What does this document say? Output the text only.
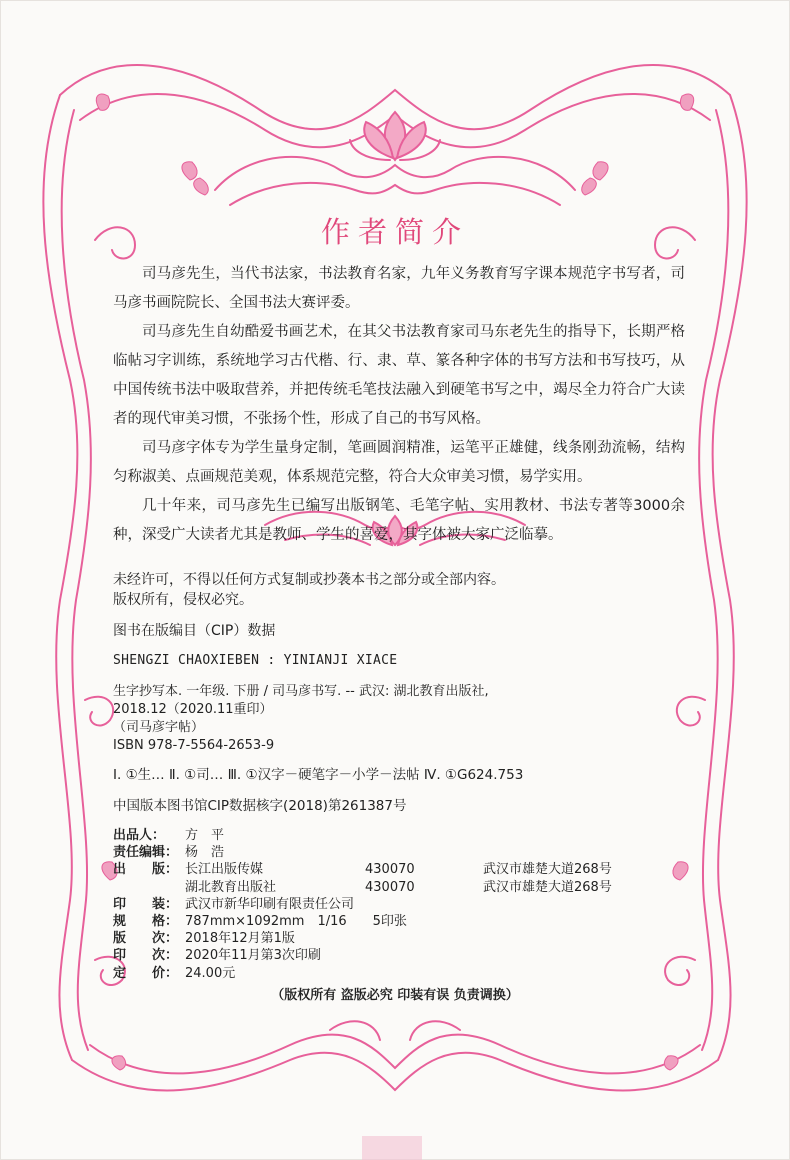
作者简介

司马彦先生，当代书法家，书法教育名家，九年义务教育写字课本规范字书写者，司马彦书画院院长、全国书法大赛评委。

司马彦先生自幼酷爱书画艺术，在其父书法教育家司马东老先生的指导下，长期严格临帖习字训练，系统地学习古代楷、行、隶、草、篆各种字体的书写方法和书写技巧，从中国传统书法中吸取营养，并把传统毛笔技法融入到硬笔书写之中，竭尽全力符合广大读者的现代审美习惯，不张扬个性，形成了自己的书写风格。

司马彦字体专为学生量身定制，笔画圆润精准，运笔平正雄健，线条刚劲流畅，结构匀称淑美、点画规范美观，体系规范完整，符合大众审美习惯，易学实用。

几十年来，司马彦先生已编写出版钢笔、毛笔字帖、实用教材、书法专著等3000余种，深受广大读者尤其是教师、学生的喜爱，其字体被大家广泛临摹。

未经许可，不得以任何方式复制或抄袭本书之部分或全部内容。
版权所有，侵权必究。
图书在版编目（CIP）数据
SHENGZI CHAOXIEBEN : YINIANJI XIACE
生字抄写本. 一年级. 下册 / 司马彦书写. -- 武汉: 湖北教育出版社,
2018.12（2020.11重印）
（司马彦字帖）
ISBN 978-7-5564-2653-9
Ⅰ. ①生… Ⅱ. ①司… Ⅲ. ①汉字－硬笔字－小学－法帖 Ⅳ. ①G624.753
中国版本图书馆CIP数据核字(2018)第261387号
出品人：	方　平
责任编辑： 杨　浩
出　　版： 长江出版传媒	430070	武汉市雄楚大道268号
湖北教育出版社	430070	武汉市雄楚大道268号
印　　装： 武汉市新华印刷有限责任公司
规　　格： 787mm×1092mm　1/16　　5印张
版　　次： 2018年12月第1版
印　　次： 2020年11月第3次印刷
定　　价： 24.00元
（版权所有 盗版必究 印装有误 负责调换）
